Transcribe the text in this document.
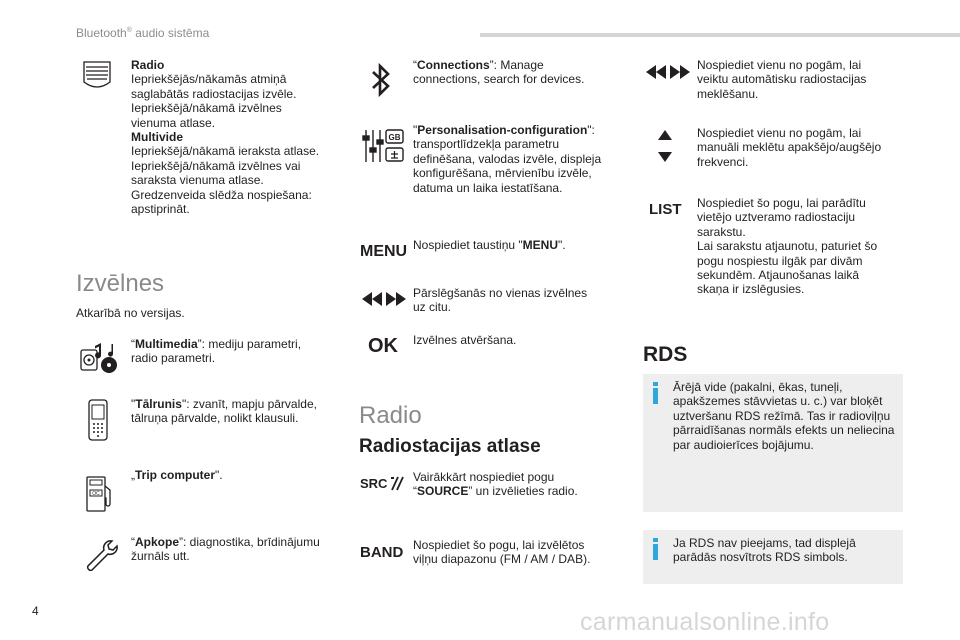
Bluetooth® audio sistēma
Radio
Iepriekšējās/nākamās atmiņā
saglabātās radiostacijas izvēle.
Iepriekšējā/nākamā izvēlnes
vienuma atlase.
Multivide
Iepriekšējā/nākamā ieraksta atlase.
Iepriekšējā/nākamā izvēlnes vai
saraksta vienuma atlase.
Gredzenveida slēdža nospiešana:
apstiprināt.
Izvēlnes
Atkarībā no versijas.
“Multimedia”: mediju parametri,
radio parametri.
"Tālrunis": zvanīt, mapju pārvalde,
tālruņa pārvalde, nolikt klausuli.
OC
„Trip computer".
“Apkope”: diagnostika, brīdinājumu
žurnāls utt.
“Connections”: Manage
connections, search for devices.
GB
"Personalisation-configuration":
transportlīdzekļa parametru
definēšana, valodas izvēle, displeja
konfigurēšana, mērvienību izvēle,
datuma un laika iestatīšana.
MENU Nospiediet taustiņu "MENU".
Pārslēgšanās no vienas izvēlnes
uz citu.
OK Izvēlnes atvēršana.
Radio
Radiostacijas atlase
SRC Vairākkārt nospiediet pogu
“SOURCE” un izvēlieties radio.
BAND Nospiediet šo pogu, lai izvēlētos
viļņu diapazonu (FM / AM / DAB).
Nospiediet vienu no pogām, lai
veiktu automātisku radiostacijas
meklēšanu.
Nospiediet vienu no pogām, lai
manuāli meklētu apakšējo/augšējo
frekvenci.
LIST Nospiediet šo pogu, lai parādītu
vietējo uztveramo radiostaciju
sarakstu.
Lai sarakstu atjaunotu, paturiet šo
pogu nospiestu ilgāk par divām
sekundēm. Atjaunošanas laikā
skaņa ir izslēgusies.
RDS
Ārējā vide (pakalni, ēkas, tuneļi,
apakšzemes stāvvietas u. c.) var bloķēt
uztveršanu RDS režīmā. Tas ir radioviļņu
pārraidīšanas normāls efekts un neliecina
par audioierīces bojājumu.
Ja RDS nav pieejams, tad displejā
parādās nosvītrots RDS simbols.
4	carmanualsonline.info
